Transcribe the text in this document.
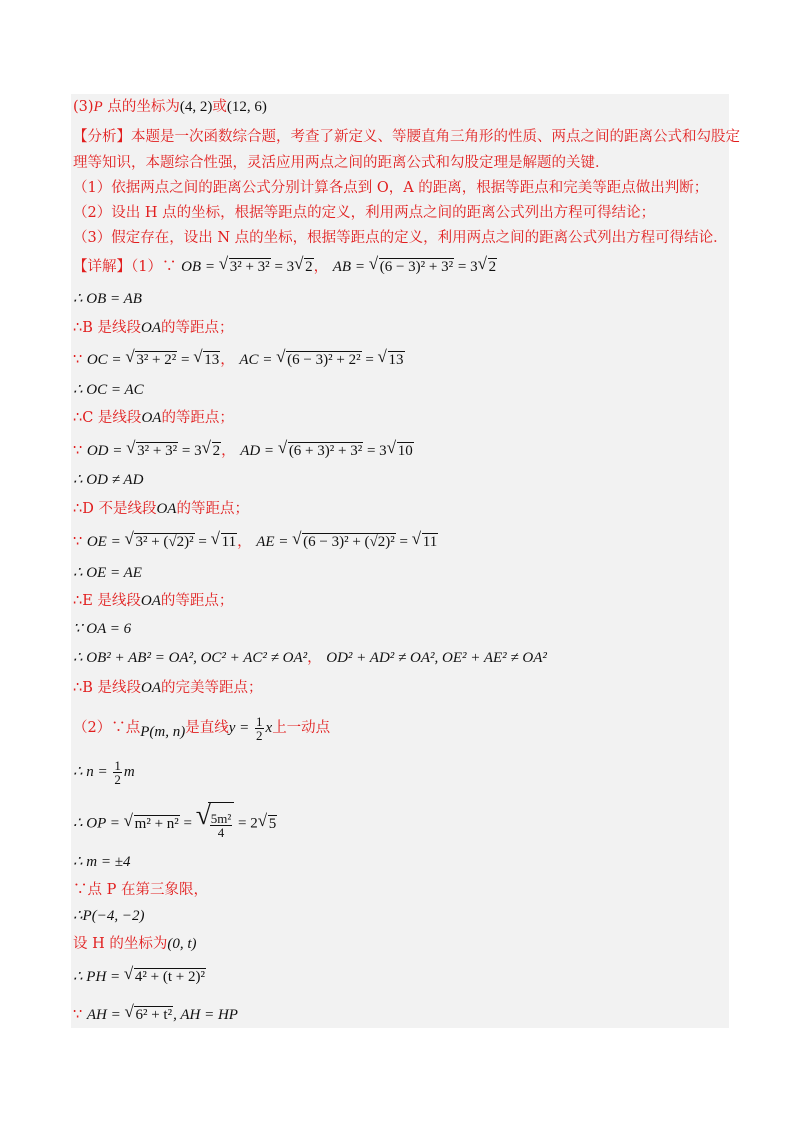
(3)P 点的坐标为(4, 2)或(12, 6)
【分析】本题是一次函数综合题，考查了新定义、等腰直角三角形的性质、两点之间的距离公式和勾股定
理等知识，本题综合性强，灵活应用两点之间的距离公式和勾股定理是解题的关键．
（1）依据两点之间的距离公式分别计算各点到 O，A 的距离，根据等距点和完美等距点做出判断；
（2）设出 H 点的坐标，根据等距点的定义，利用两点之间的距离公式列出方程可得结论；
（3）假定存在，设出 N 点的坐标，根据等距点的定义，利用两点之间的距离公式列出方程可得结论．
【详解】（1）∵ OB = √ 3² + 3² = 3√ 2， AB = √ (6 − 3)² + 3² = 3√ 2
∴ OB = AB
∴B 是线段OA的等距点；
∵ OC = √ 3² + 2² = √ 13， AC = √ (6 − 3)² + 2² = √ 13
∴ OC = AC
∴C 是线段OA的等距点；
∵ OD = √ 3² + 3² = 3√ 2， AD = √ (6 + 3)² + 3² = 3√ 10
∴ OD ≠ AD
∴D 不是线段OA的等距点；
∵ OE = √ 3² + (√2)² = √ 11， AE = √ (6 − 3)² + (√2)² = √ 11
∴ OE = AE
∴E 是线段OA的等距点；
∵ OA = 6
∴ OB² + AB² = OA², OC² + AC² ≠ OA²， OD² + AD² ≠ OA², OE² + AE² ≠ OA²
∴B 是线段OA的完美等距点；
（2）∵点P(m, n)是直线$y = \frac{1}{2}$ x上一动点
∴ $n = \frac{1}{2}$ m
∴ OP = √ m² + n² =
√ $\frac{\text{5m²}}{4} = 2√$ 5
∴ m = ±4
∵点 P 在第三象限，
∴P(−4, −2)
设 H 的坐标为(0, t)
∴ PH = √ 4² + (t + 2)²
∵ AH = √ 6² + t², AH = HP
